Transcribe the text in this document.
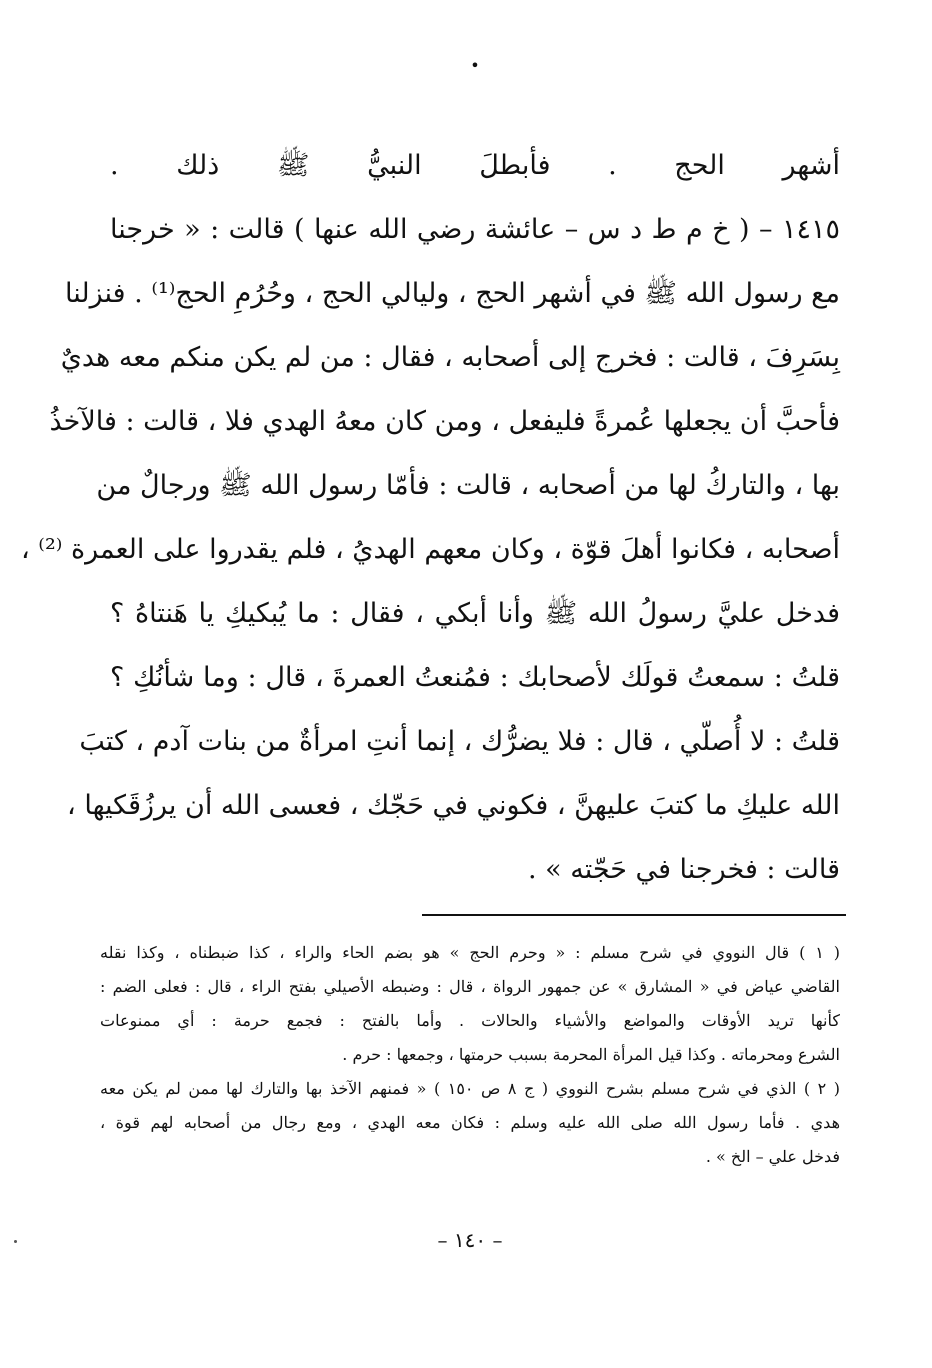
•
أشهر الحج . فأبطلَ النبيُّ ﷺ ذلك .
١٤١٥ – ( خ م ط د س – عائشة رضي الله عنها ) قالت : « خرجنا
مع رسول الله ﷺ في أشهر الحج ، وليالي الحج ، وحُرُمِ الحج⁽¹⁾ . فنزلنا
بِسَرِفَ ، قالت : فخرج إلى أصحابه ، فقال : من لم يكن منكم معه هديٌ
فأحبَّ أن يجعلها عُمرةً فليفعل ، ومن كان معهُ الهدي فلا ، قالت : فالآخذُ
بها ، والتاركُ لها من أصحابه ، قالت : فأمّا رسول الله ﷺ ورجالٌ من
أصحابه ، فكانوا أهلَ قوّة ، وكان معهم الهديُ ، فلم يقدروا على العمرة ⁽²⁾ ،
فدخل عليَّ رسولُ الله ﷺ وأنا أبكي ، فقال : ما يُبكيكِ يا هَنتاهُ ؟
قلتُ : سمعتُ قولَك لأصحابك : فمُنعتُ العمرةَ ، قال : وما شأنُكِ ؟
قلتُ : لا أُصلّي ، قال : فلا يضرُّك ، إنما أنتِ امرأةٌ من بنات آدم ، كتبَ
الله عليكِ ما كتبَ عليهنَّ ، فكوني في حَجّك ، فعسى الله أن يرزُقَكيها ،
قالت : فخرجنا في حَجّته » .
( ١ ) قال النووي في شرح مسلم : « وحرم الحج » هو بضم الحاء والراء ، كذا ضبطناه ، وكذا نقله
القاضي عياض في « المشارق » عن جمهور الرواة ، قال : وضبطه الأصيلي بفتح الراء ، قال : فعلى الضم :
كأنها تريد الأوقات والمواضع والأشياء والحالات . وأما بالفتح : فجمع حرمة : أي ممنوعات
الشرع ومحرماته . وكذا قيل المرأة المحرمة بسبب حرمتها ، وجمعها : حرم .
( ٢ ) الذي في شرح مسلم بشرح النووي ( ج ٨ ص ١٥٠ ) « فمنهم الآخذ بها والتارك لها ممن لم يكن معه
هدي . فأما رسول الله صلى الله عليه وسلم : فكان معه الهدي ، ومع رجال من أصحابه لهم قوة ،
فدخل علي – الخ » .
– ١٤٠ –
